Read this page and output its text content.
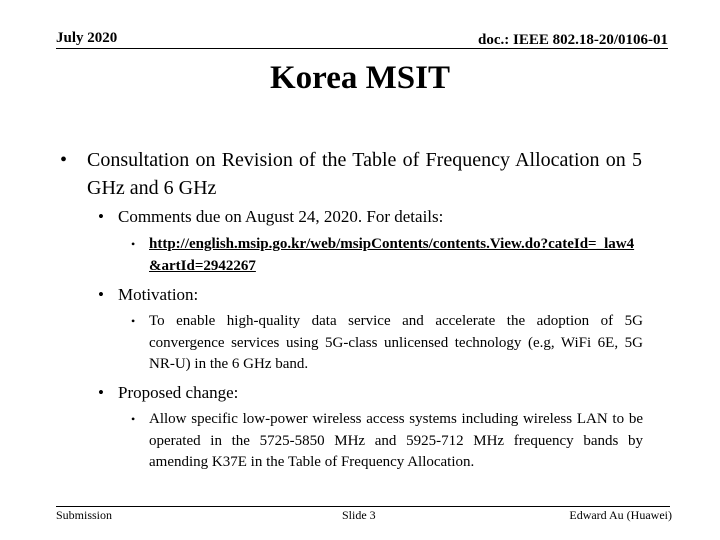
July 2020	doc.: IEEE 802.18-20/0106-01
Korea MSIT
• Consultation on Revision of the Table of Frequency Allocation on 5 GHz and 6 GHz
• Comments due on August 24, 2020. For details:
• http://english.msip.go.kr/web/msipContents/contents.View.do?cateId=_law4&artId=2942267
• Motivation:
• To enable high-quality data service and accelerate the adoption of 5G convergence services using 5G-class unlicensed technology (e.g, WiFi 6E, 5G NR-U) in the 6 GHz band.
• Proposed change:
• Allow specific low-power wireless access systems including wireless LAN to be operated in the 5725-5850 MHz and 5925-712 MHz frequency bands by amending K37E in the Table of Frequency Allocation.
Submission	Slide 3	Edward Au (Huawei)
